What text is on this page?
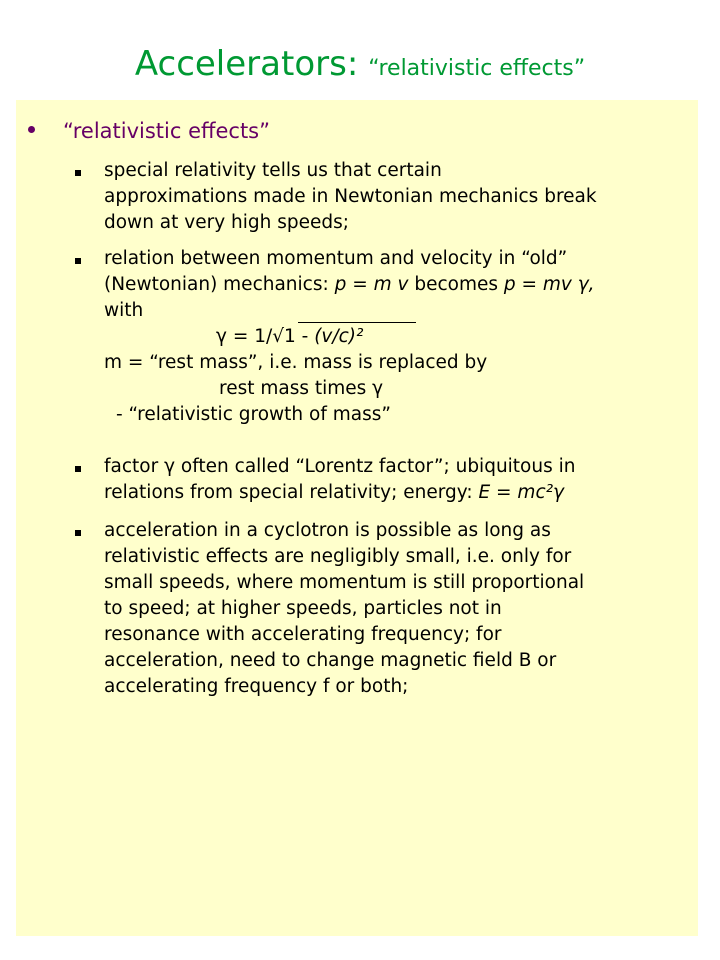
Accelerators: “relativistic effects”
“relativistic effects”
special relativity tells us that certain
approximations made in Newtonian mechanics break
down at very high speeds;
relation between momentum and velocity in “old”
(Newtonian) mechanics: p = m v becomes p = mv γ,
with
γ = 1/√1 - (v/c)²
m = “rest mass”, i.e. mass is replaced by
rest mass times γ
- “relativistic growth of mass”
factor γ often called “Lorentz factor”; ubiquitous in
relations from special relativity; energy: E = mc²γ
acceleration in a cyclotron is possible as long as
relativistic effects are negligibly small, i.e. only for
small speeds, where momentum is still proportional
to speed; at higher speeds, particles not in
resonance with accelerating frequency; for
acceleration, need to change magnetic field B or
accelerating frequency f or both;
